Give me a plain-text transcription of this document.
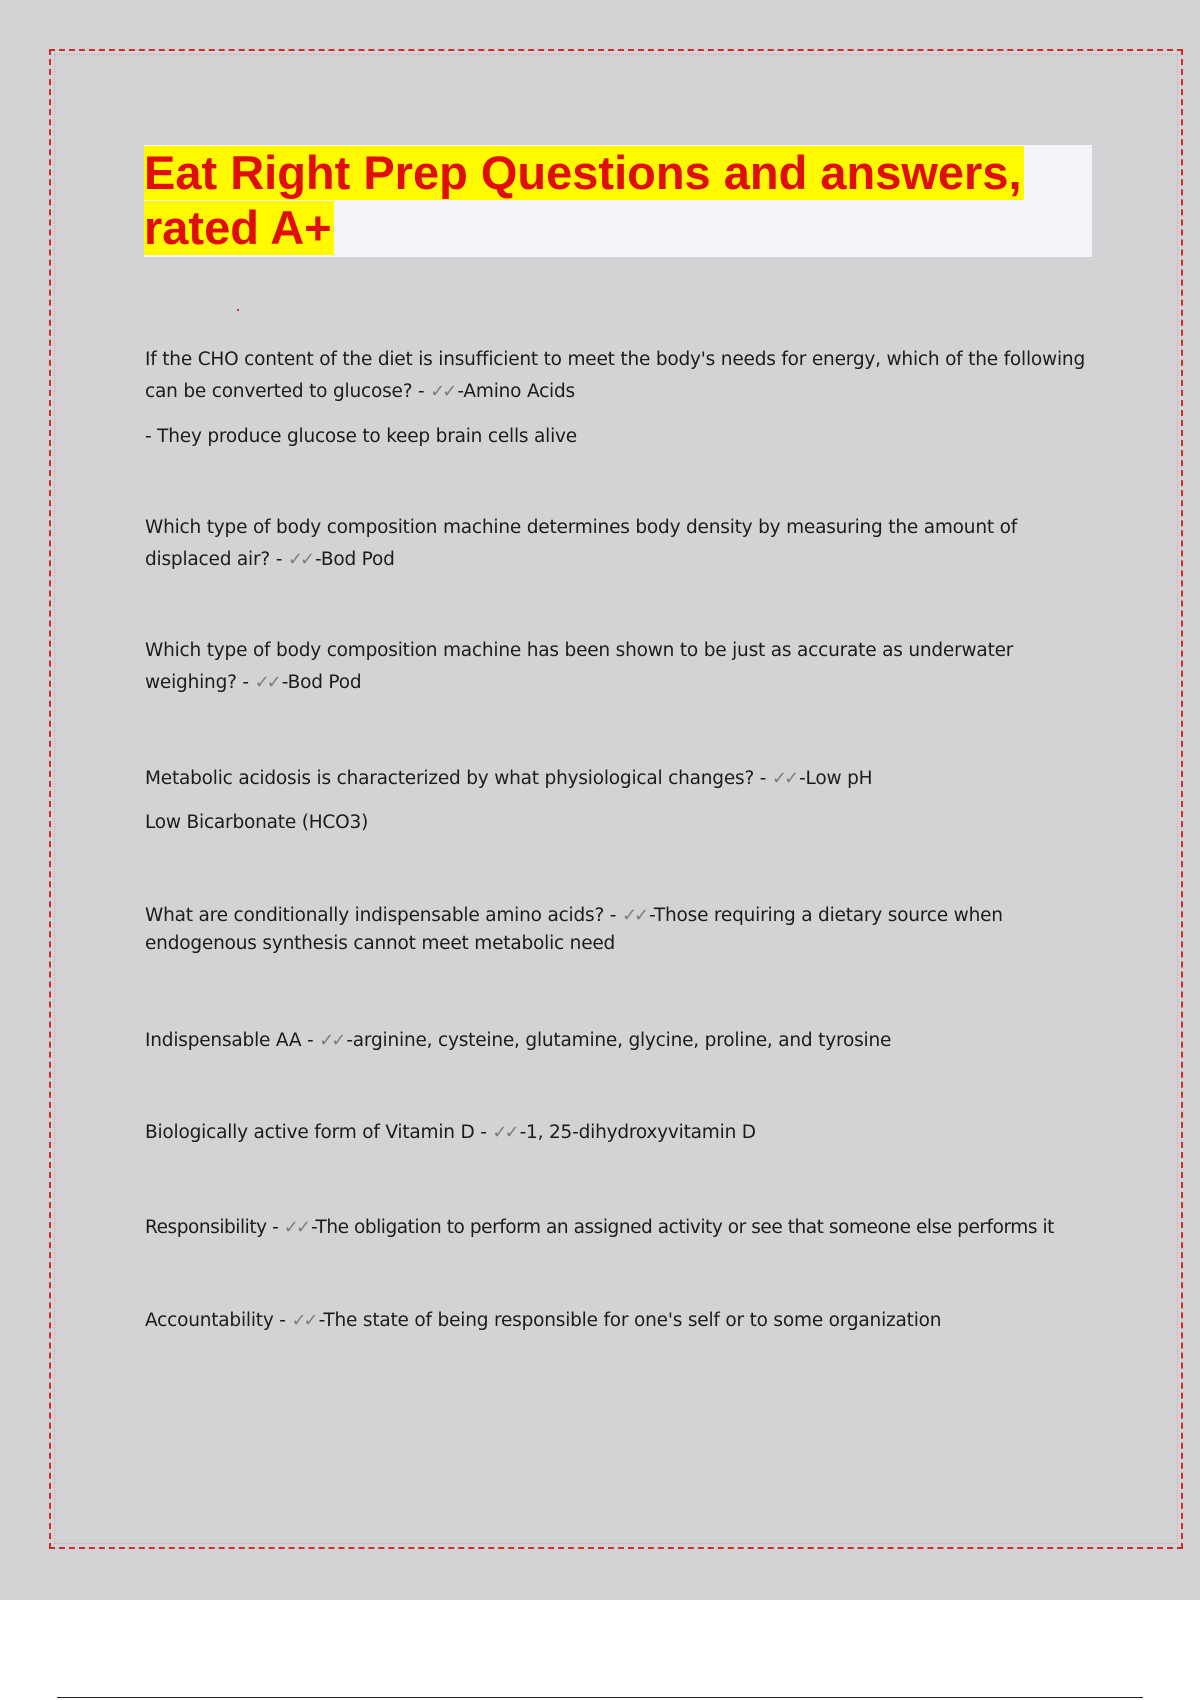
Eat Right Prep Questions and answers,
rated A+

If the CHO content of the diet is insufficient to meet the body's needs for energy, which of the following can be converted to glucose? - ✓✓ -Amino Acids

- They produce glucose to keep brain cells alive

Which type of body composition machine determines body density by measuring the amount of displaced air? - ✓✓ -Bod Pod

Which type of body composition machine has been shown to be just as accurate as underwater weighing? - ✓✓ -Bod Pod

Metabolic acidosis is characterized by what physiological changes? - ✓✓ -Low pH

Low Bicarbonate (HCO3)

What are conditionally indispensable amino acids? - ✓✓ -Those requiring a dietary source when endogenous synthesis cannot meet metabolic need

Indispensable AA - ✓✓ -arginine, cysteine, glutamine, glycine, proline, and tyrosine

Biologically active form of Vitamin D - ✓✓ -1, 25-dihydroxyvitamin D

Responsibility - ✓✓ -The obligation to perform an assigned activity or see that someone else performs it

Accountability - ✓✓ -The state of being responsible for one's self or to some organization
